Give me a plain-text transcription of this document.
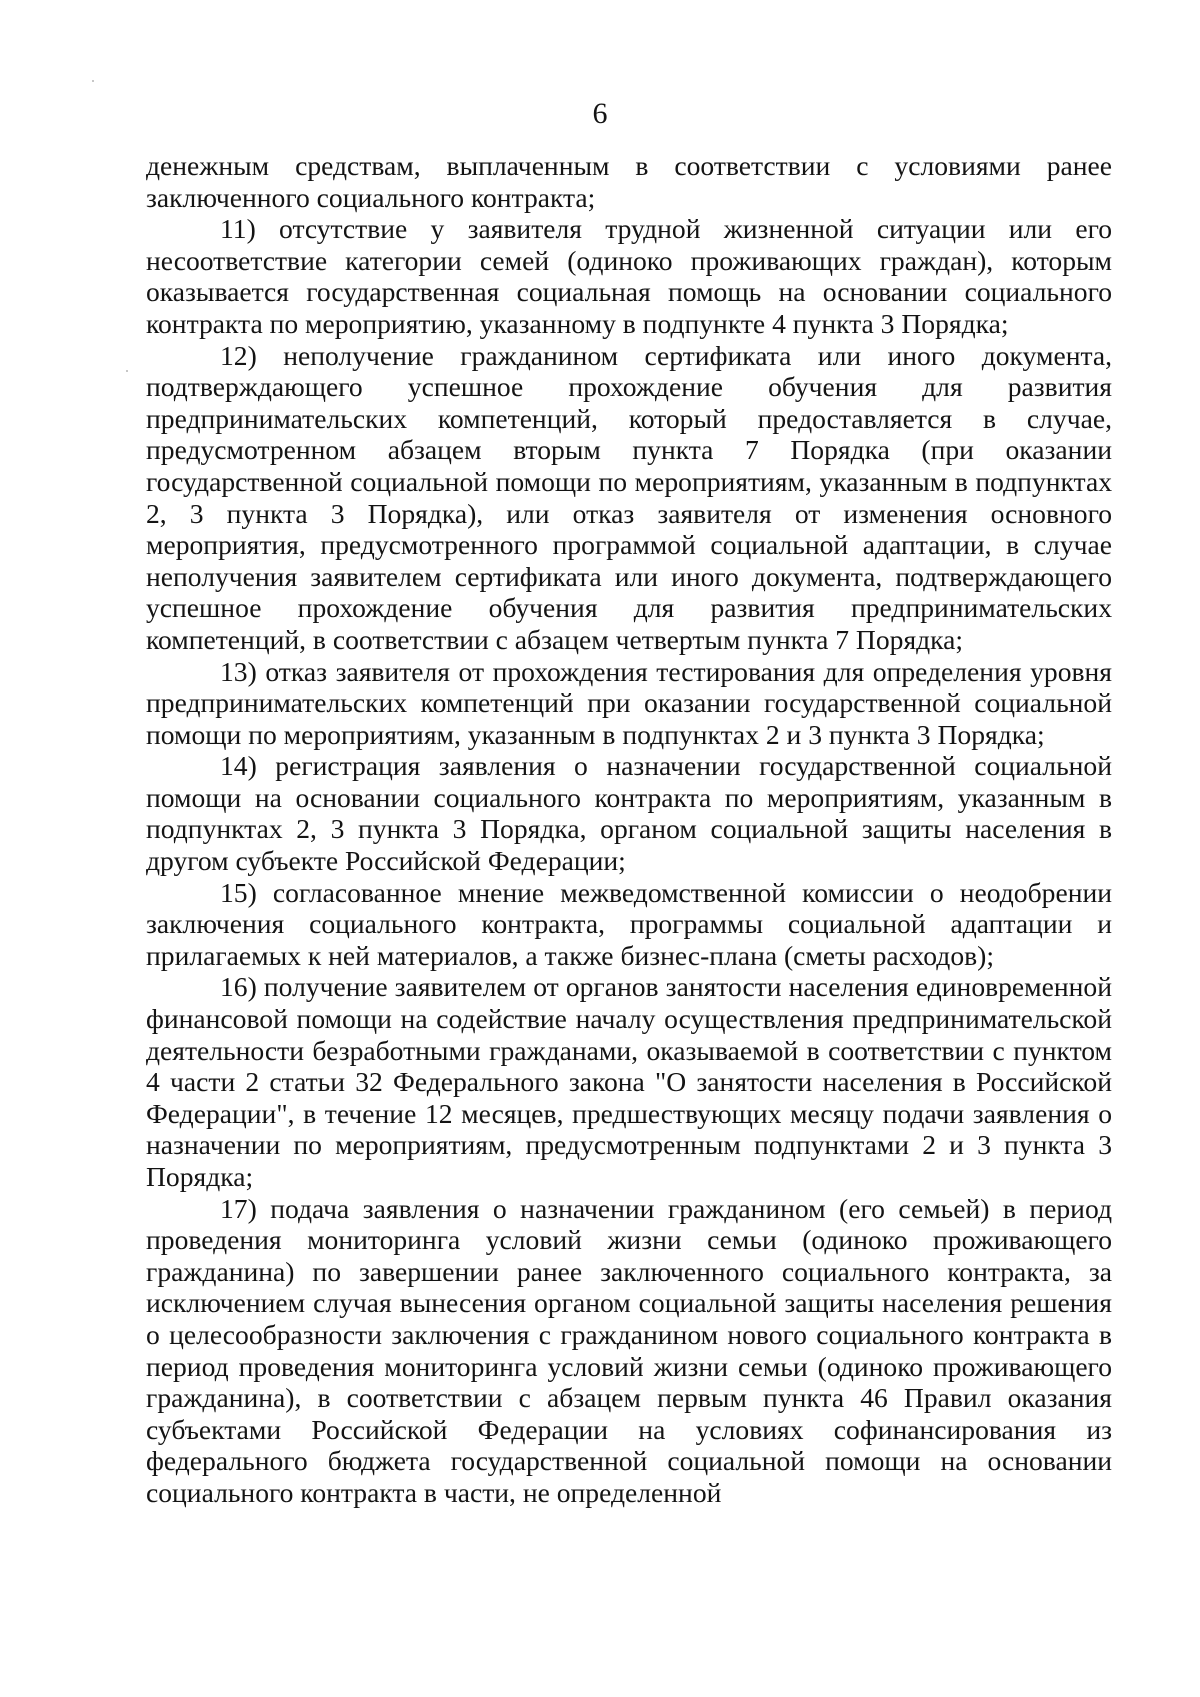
6

денежным средствам, выплаченным в соответствии с условиями ранее заключенного социального контракта;

11) отсутствие у заявителя трудной жизненной ситуации или его несоответствие категории семей (одиноко проживающих граждан), которым оказывается государственная социальная помощь на основании социального контракта по мероприятию, указанному в подпункте 4 пункта 3 Порядка;

12) неполучение гражданином сертификата или иного документа, подтверждающего успешное прохождение обучения для развития предпринимательских компетенций, который предоставляется в случае, предусмотренном абзацем вторым пункта 7 Порядка (при оказании государственной социальной помощи по мероприятиям, указанным в подпунктах 2, 3 пункта 3 Порядка), или отказ заявителя от изменения основного мероприятия, предусмотренного программой социальной адаптации, в случае неполучения заявителем сертификата или иного документа, подтверждающего успешное прохождение обучения для развития предпринимательских компетенций, в соответствии с абзацем четвертым пункта 7 Порядка;

13) отказ заявителя от прохождения тестирования для определения уровня предпринимательских компетенций при оказании государственной социальной помощи по мероприятиям, указанным в подпунктах 2 и 3 пункта 3 Порядка;

14) регистрация заявления о назначении государственной социальной помощи на основании социального контракта по мероприятиям, указанным в подпунктах 2, 3 пункта 3 Порядка, органом социальной защиты населения в другом субъекте Российской Федерации;

15) согласованное мнение межведомственной комиссии о неодобрении заключения социального контракта, программы социальной адаптации и прилагаемых к ней материалов, а также бизнес-плана (сметы расходов);

16) получение заявителем от органов занятости населения единовременной финансовой помощи на содействие началу осуществления предпринимательской деятельности безработными гражданами, оказываемой в соответствии с пунктом 4 части 2 статьи 32 Федерального закона "О занятости населения в Российской Федерации", в течение 12 месяцев, предшествующих месяцу подачи заявления о назначении по мероприятиям, предусмотренным подпунктами 2 и 3 пункта 3 Порядка;

17) подача заявления о назначении гражданином (его семьей) в период проведения мониторинга условий жизни семьи (одиноко проживающего гражданина) по завершении ранее заключенного социального контракта, за исключением случая вынесения органом социальной защиты населения решения о целесообразности заключения с гражданином нового социального контракта в период проведения мониторинга условий жизни семьи (одиноко проживающего гражданина), в соответствии с абзацем первым пункта 46 Правил оказания субъектами Российской Федерации на условиях софинансирования из федерального бюджета государственной социальной помощи на основании социального контракта в части, не определенной
